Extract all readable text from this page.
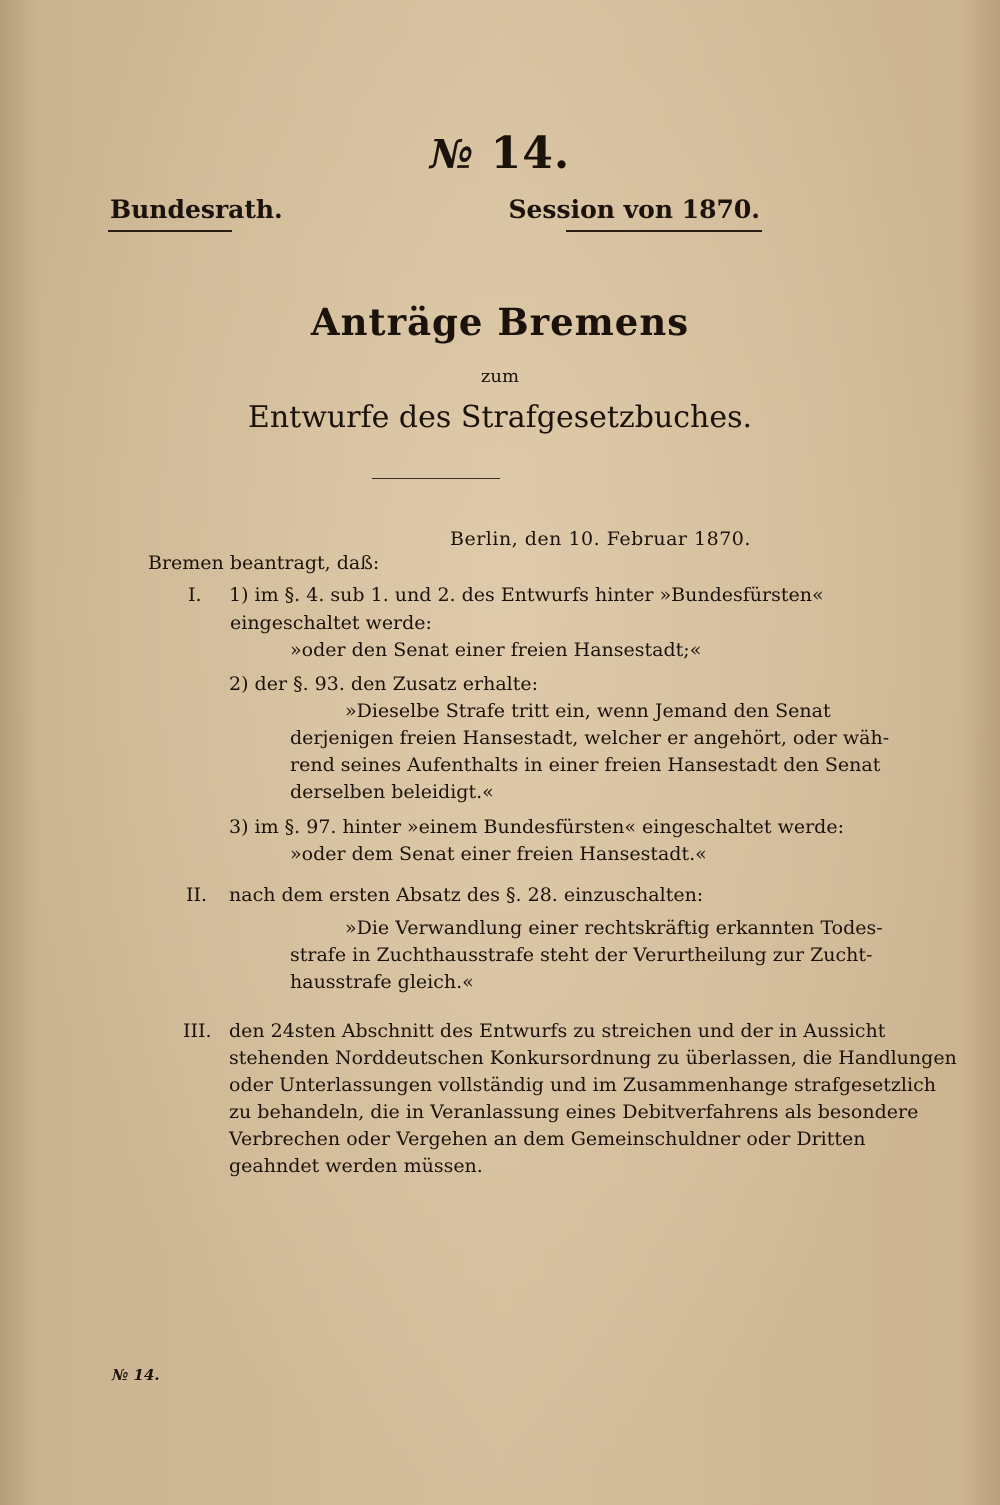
№ 14.
Bundesrath.	Session von 1870.
Anträge Bremens
zum
Entwurfe des Strafgesetzbuches.
Berlin, den 10. Februar 1870.
Bremen beantragt, daß:
I. 1) im §. 4. sub 1. und 2. des Entwurfs hinter »Bundesfürsten«
eingeschaltet werde:
»oder den Senat einer freien Hansestadt;«
2) der §. 93. den Zusatz erhalte:
»Dieselbe Strafe tritt ein, wenn Jemand den Senat
derjenigen freien Hansestadt, welcher er angehört, oder wäh-
rend seines Aufenthalts in einer freien Hansestadt den Senat
derselben beleidigt.«
3) im §. 97. hinter »einem Bundesfürsten« eingeschaltet werde:
»oder dem Senat einer freien Hansestadt.«
II. nach dem ersten Absatz des §. 28. einzuschalten:
»Die Verwandlung einer rechtskräftig erkannten Todes-
strafe in Zuchthausstrafe steht der Verurtheilung zur Zucht-
hausstrafe gleich.«
III. den 24sten Abschnitt des Entwurfs zu streichen und der in Aussicht
stehenden Norddeutschen Konkursordnung zu überlassen, die Handlungen
oder Unterlassungen vollständig und im Zusammenhange strafgesetzlich
zu behandeln, die in Veranlassung eines Debitverfahrens als besondere
Verbrechen oder Vergehen an dem Gemeinschuldner oder Dritten
geahndet werden müssen.
№ 14.
